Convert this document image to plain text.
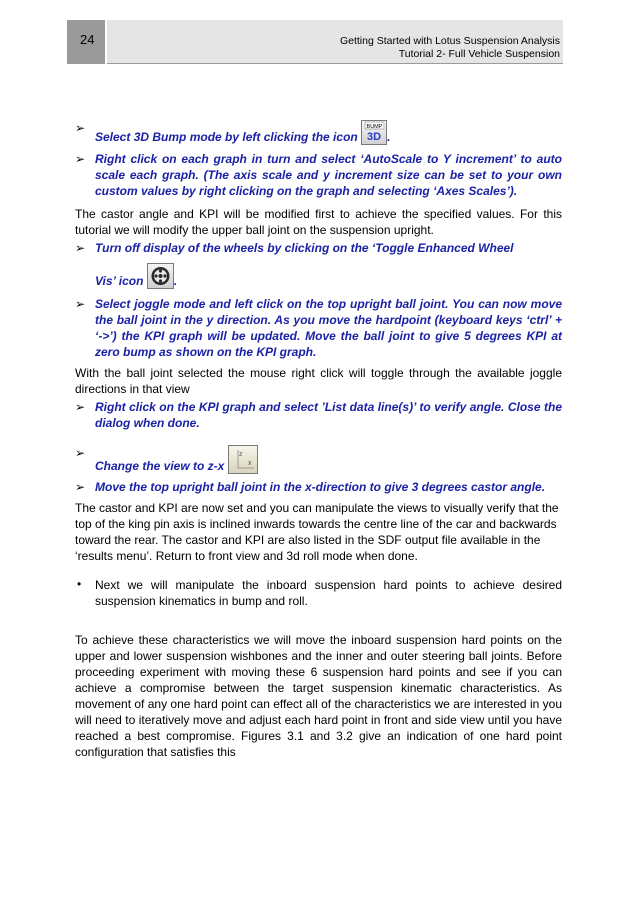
24	Getting Started with Lotus Suspension Analysis
Tutorial 2- Full Vehicle Suspension
➢
Select 3D Bump mode by left clicking the icon
BUMP
3D .
➢ Right click on each graph in turn and select ‘AutoScale to Y increment’ to auto scale each graph. (The axis scale and y increment size can be set to your own custom values by right clicking on the graph and selecting ‘Axes Scales’).

The castor angle and KPI will be modified first to achieve the specified values. For this tutorial we will modify the upper ball joint on the suspension upright.

➢ Turn off display of the wheels by clicking on the ‘Toggle Enhanced Wheel
Vis’ icon	.
➢ Select joggle mode and left click on the top upright ball joint. You can now move the ball joint in the y direction. As you move the hardpoint (keyboard keys ‘ctrl’ + ‘->’) the KPI graph will be updated. Move the ball joint to give 5 degrees KPI at zero bump as shown on the KPI graph.

With the ball joint selected the mouse right click will toggle through the available joggle directions in that view

➢ Right click on the KPI graph and select ’List data line(s)’ to verify angle. Close the dialog when done.
➢
Change the view to z-x
z
x
➢ Move the top upright ball joint in the x-direction to give 3 degrees castor angle.

The castor and KPI are now set and you can manipulate the views to visually verify that the top of the king pin axis is inclined inwards towards the centre line of the car and backwards toward the rear. The castor and KPI are also listed in the SDF output file available in the ‘results menu’. Return to front view and 3d roll mode when done.

• Next we will manipulate the inboard suspension hard points to achieve desired suspension kinematics in bump and roll.

To achieve these characteristics we will move the inboard suspension hard points on the upper and lower suspension wishbones and the inner and outer steering ball joints. Before proceeding experiment with moving these 6 suspension hard points and see if you can achieve a compromise between the target suspension kinematic characteristics. As movement of any one hard point can effect all of the characteristics we are interested in you will need to iteratively move and adjust each hard point in front and side view until you have reached a best compromise. Figures 3.1 and 3.2 give an indication of one hard point configuration that satisfies this
